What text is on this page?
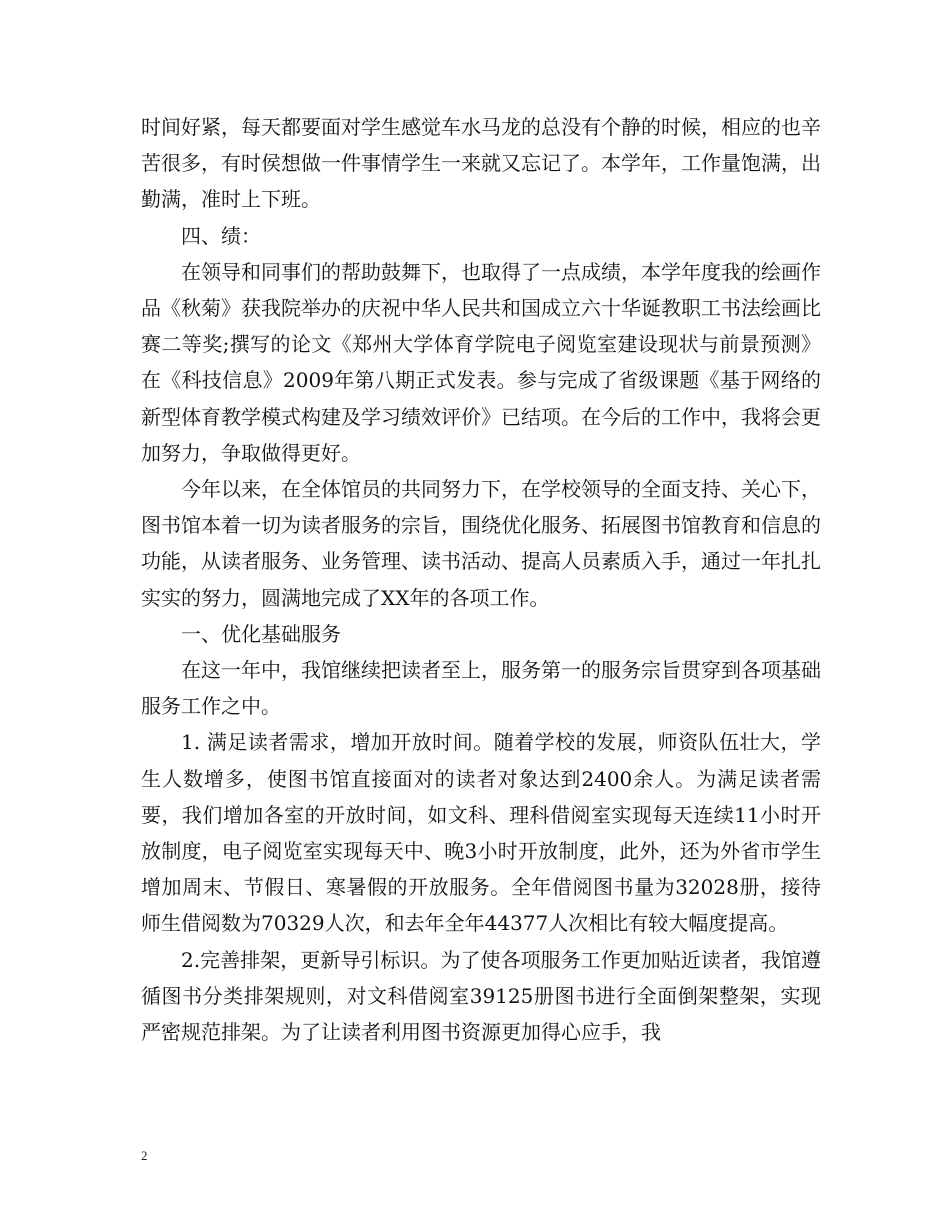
时间好紧，每天都要面对学生感觉车水马龙的总没有个静的时候，相应的也辛苦很多，有时侯想做一件事情学生一来就又忘记了。本学年，工作量饱满，出勤满，准时上下班。

四、绩：

在领导和同事们的帮助鼓舞下，也取得了一点成绩，本学年度我的绘画作品《秋菊》获我院举办的庆祝中华人民共和国成立六十华诞教职工书法绘画比赛二等奖;撰写的论文《郑州大学体育学院电子阅览室建设现状与前景预测》在《科技信息》2009年第八期正式发表。参与完成了省级课题《基于网络的新型体育教学模式构建及学习绩效评价》已结项。在今后的工作中，我将会更加努力，争取做得更好。

今年以来，在全体馆员的共同努力下，在学校领导的全面支持、关心下，图书馆本着一切为读者服务的宗旨，围绕优化服务、拓展图书馆教育和信息的功能，从读者服务、业务管理、读书活动、提高人员素质入手，通过一年扎扎实实的努力，圆满地完成了XX年的各项工作。

一、优化基础服务

在这一年中，我馆继续把读者至上，服务第一的服务宗旨贯穿到各项基础服务工作之中。

1. 满足读者需求，增加开放时间。随着学校的发展，师资队伍壮大，学生人数增多，使图书馆直接面对的读者对象达到2400余人。为满足读者需要，我们增加各室的开放时间，如文科、理科借阅室实现每天连续11小时开放制度，电子阅览室实现每天中、晚3小时开放制度，此外，还为外省市学生增加周末、节假日、寒暑假的开放服务。全年借阅图书量为32028册，接待师生借阅数为70329人次，和去年全年44377人次相比有较大幅度提高。

2.完善排架，更新导引标识。为了使各项服务工作更加贴近读者，我馆遵循图书分类排架规则，对文科借阅室39125册图书进行全面倒架整架，实现严密规范排架。为了让读者利用图书资源更加得心应手，我

2
